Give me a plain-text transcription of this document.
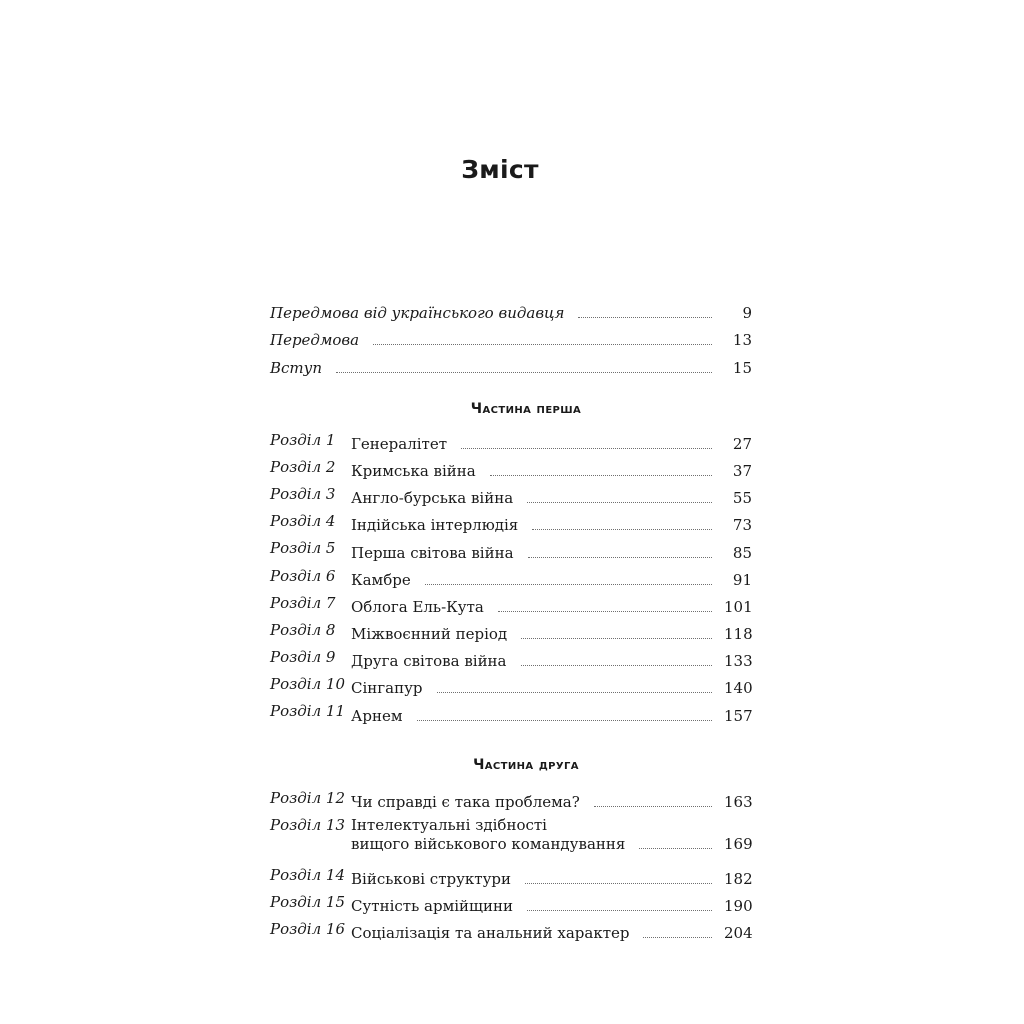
Зміст
Передмова від українського видавця	9
Передмова	13
Вступ	15
Частина перша
Розділ 1	Генералітет	27
Розділ 2	Кримська війна	37
Розділ 3	Англо-бурська війна	55
Розділ 4	Індійська інтерлюдія	73
Розділ 5	Перша світова війна	85
Розділ 6	Камбре	91
Розділ 7	Облога Ель-Кута	101
Розділ 8	Міжвоєнний період	118
Розділ 9	Друга світова війна	133
Розділ 10 Сінгапур	140
Розділ 11 Арнем	157
Частина друга
Розділ 12 Чи справді є така проблема?	163
Розділ 13 Інтелектуальні здібності
вищого військового командування	169
Розділ 14 Військові структури	182
Розділ 15 Сутність армійщини	190
Розділ 16 Соціалізація та анальний характер	204
